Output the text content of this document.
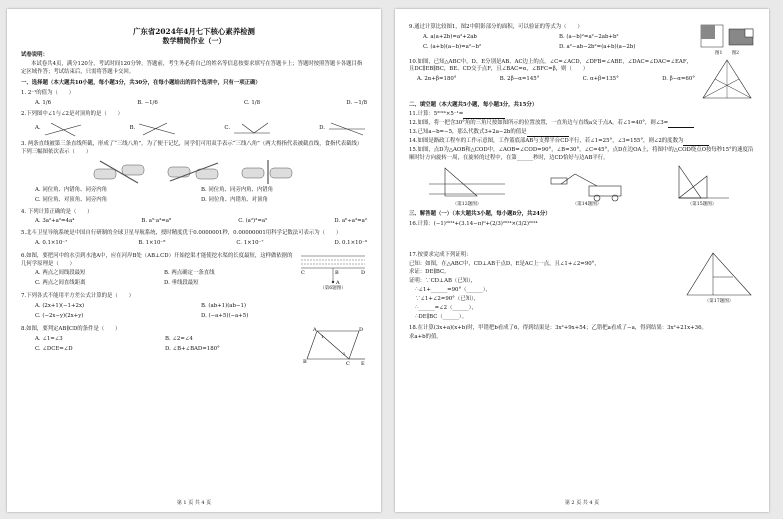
广东省2024年4月七下核心素养检测
数学精简作业（一）
试卷说明：
本试卷共4页，满分120分，考试时间120分钟。答题前，考生务必将自己的姓名等信息按要求填写在答题卡上；答题时按照答题卡各题目指定区域作答；考试结束后，只需将答题卡交回。
一、选择题（本大题共10小题，每小题3分，共30分，在每小题给出的四个选项中，只有一项正确）
1. 2⁻¹的值为（　　）
A. 1/6	B. −1/6	C. 1/8	D. −1/8
2.下列图中∠1与∠2是对顶角的是（　　）
A.	B.	C.	D.
3. 两条直线被第三条直线所截，形成了“三线八角”，为了便于记忆，同学们可用双手表示“三线八角”（两大拇指代表被截直线，食指代表截线）下列三幅图依次表示（　　）
A. 同位角、内错角、同旁内角	B. 同位角、同旁内角、内错角
C. 同位角、对顶角、同旁内角	D. 同位角、内错角、对顶角
4. 下列计算正确的是（　　）
A. 3a²+a²=4a⁴	B. a⁵·a³=a⁸	C. (a²)³=a⁵	D. a⁶÷a³=a²
5.北斗卫星导航系统是中国自行研制的全球卫星导航系统，授时精度优于0.0000001秒，0.00000001用科学记数法可表示为（　　）
A. 0.1×10⁻⁷	B. 1×10⁻⁸	C. 1×10⁻⁷	D. 0.1×10⁻⁹
6.如图，要把河中的水引到水池A中，应在河岸B处（AB⊥CD）开始挖渠才能使挖水渠的长度最短，这样做依据的几何学原理是（　　）
A. 两点之间线段最短	B. 两点确定一条直线
C. 两点之间直线距离	D. 垂线段最短
C	D
B
A
（第6题图）
7.下列各式不能用平方差公式计算的是（　　）
A. (2x+1)(−1+2x)	B. (ab+1)(ab−1)
C. (−2x−y)(2x+y)	D. (−a+5)(−a+5)
8.如图，要判定AB∥CD的条件是（　　）
A. ∠1=∠3	B. ∠2=∠4
C. ∠DCE=∠D	D. ∠B+∠BAD=180°
A	D
B	C E
1
2
第 1 页 共 4 页
9.通过计算比较图1，图2中阴影部分的面积，可以验证的等式为（　　）
A. a(a+2b)=a²+2ab	B. (a−b)²=a²−2ab+b²
C. (a+b)(a−b)=a²−b²	D. a²−ab−2b²=(a+b)(a−2b)
图1　　图2
10.如图，已知△ABC中，D、E分别是AB、AC边上的点，∠C=∠ACD，∠DFB=∠ABE，∠DAC=∠DAC=∠EAF，且DC∥EB∥BC，BE、CD交于点F，且∠BAC=α，∠BFC=β，则（　　）
A. 2α+β=180°	B. 2β−α=145°	C. α+β=135°	D. β−α=60°
二、填空题（本大题共5小题，每小题3分，共15分）
11.计算：5²⁰²⁴×5⁻¹=
12.如图，将一把含30°角的三角尺按如图所示的位置放置，一直角边与直线a交于点A，若∠1=40°，则∠3=
13.已知a−b=−5，那么代数式3+2a−2b的值是
14.如图是路政工程车的工作示意图，工作篮底部AB与支撑平台CD平行，若∠1=25°，∠3=155°，则∠2的度数为
15.如图，点D为△AOB和△COD中，∠AOB=∠COD=90°，∠B=30°，∠C=45°，点D在边OA上，将图中的△COD绕点O按每秒15°的速度沿顺时针方向旋转一周，在旋转的过程中，在第______秒时，边CD恰好与边AB平行。
（第12题图）	（第14题图）	（第15题图）
三、解答题（一）（本大题共3小题，每小题8分，共24分）
16.计算：(−1)²⁰²⁴+(3.14−π)⁰+(2/3)²⁰²⁴×(3/2)²⁰²⁴
17.按要求完成下列证明：
已知：如图，在△ABC中，CD⊥AB于点D，E是AC上一点，且∠1+∠2=90°，
求证：DE∥BC。
证明：∵CD⊥AB（已知），
∴∠1+______=90°（______），
∵∠1+∠2=90°（已知），
∴______=∠2（______），
∴DE∥BC（______）。
（第17题图）
18.在计算(3x+a)(x+b)时，甲错把b看成了6，得到结果是：3x²+9x+54；乙错把a看成了−a，得到结果：3x²+21x+36。
求a+b的值。
第 2 页 共 4 页
